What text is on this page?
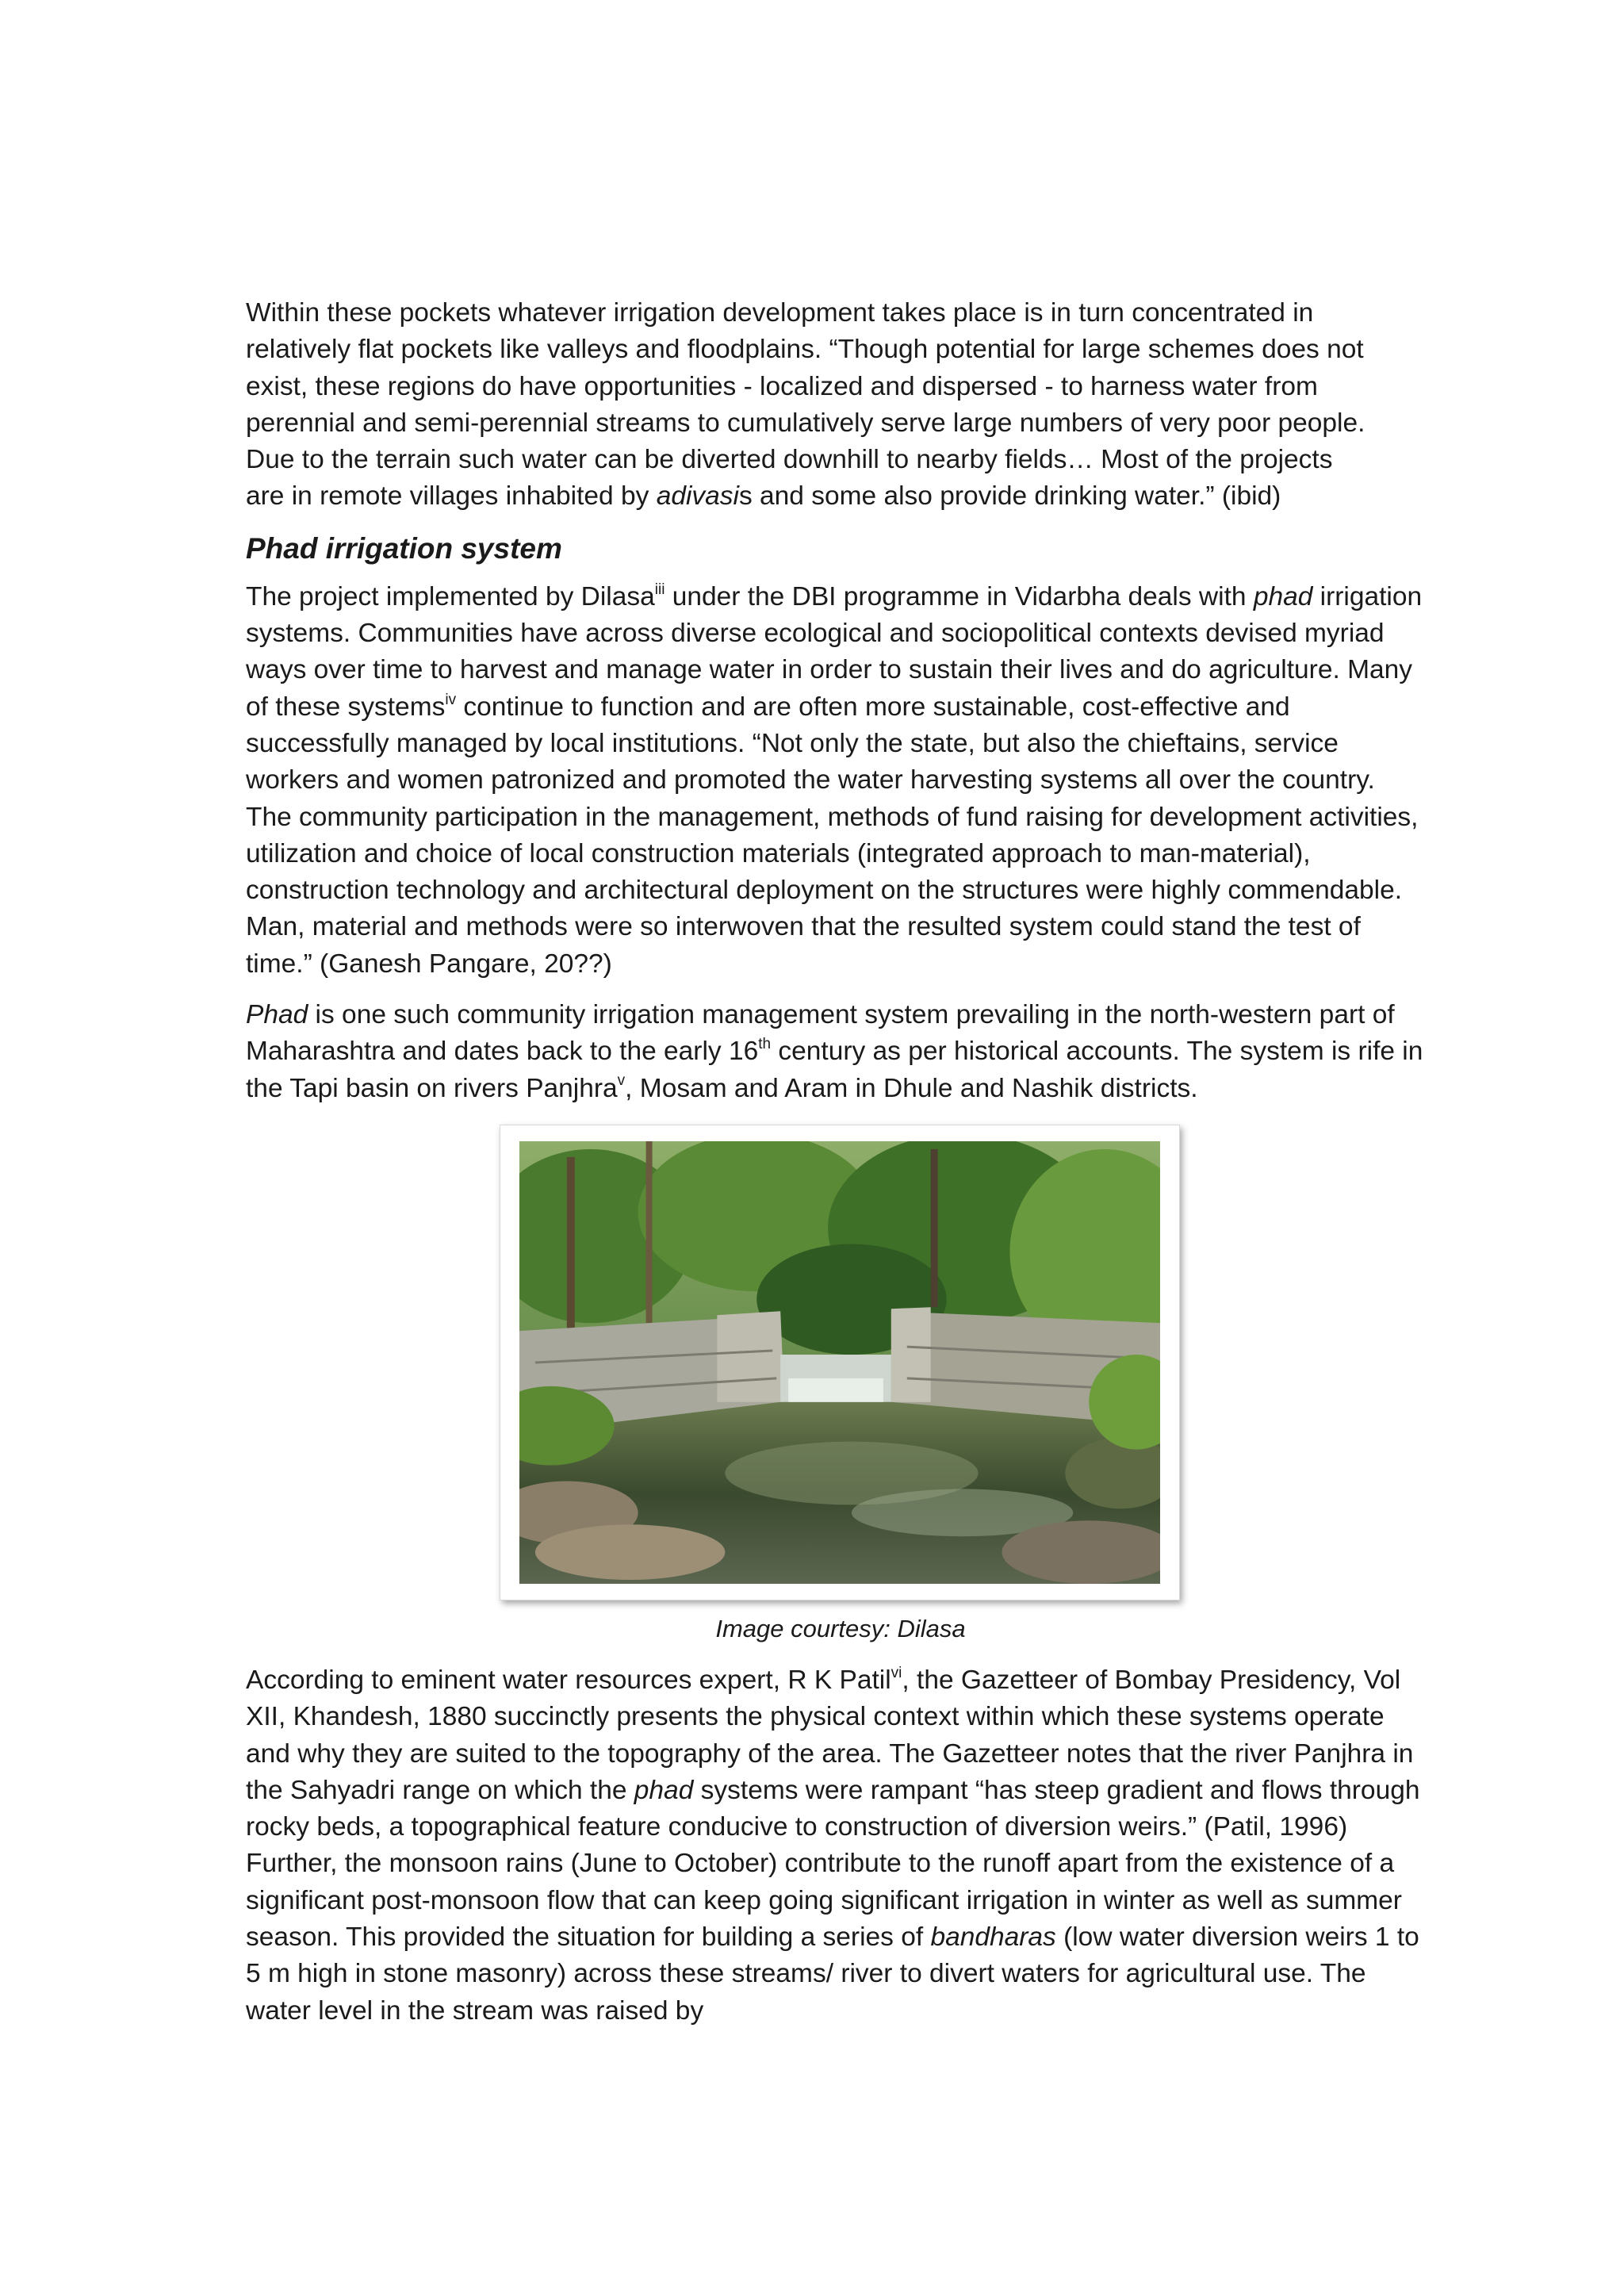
Within these pockets whatever irrigation development takes place is in turn concentrated in
relatively flat pockets like valleys and floodplains. “Though potential for large schemes does not
exist, these regions do have opportunities - localized and dispersed - to harness water from
perennial and semi-perennial streams to cumulatively serve large numbers of very poor people.
Due to the terrain such water can be diverted downhill to nearby fields… Most of the projects
are in remote villages inhabited by adivasis and some also provide drinking water.” (ibid)

Phad irrigation system

The project implemented by Dilasa$^{iii}$ under the DBI programme in Vidarbha deals with phad irrigation systems. Communities have across diverse ecological and sociopolitical contexts devised myriad ways over time to harvest and manage water in order to sustain their lives and do agriculture. Many of these systems$^{iv}$ continue to function and are often more sustainable, cost-effective and successfully managed by local institutions. “Not only the state, but also the chieftains, service workers and women patronized and promoted the water harvesting systems all over the country. The community participation in the management, methods of fund raising for development activities, utilization and choice of local construction materials (integrated approach to man-material), construction technology and architectural deployment on the structures were highly commendable. Man, material and methods were so interwoven that the resulted system could stand the test of time.” (Ganesh Pangare, 20??)

Phad is one such community irrigation management system prevailing in the north-western part of Maharashtra and dates back to the early 16th century as per historical accounts. The system is rife in the Tapi basin on rivers Panjhra$^v$, Mosam and Aram in Dhule and Nashik districts.

Image courtesy: Dilasa

According to eminent water resources expert, R K Patil$^{vi}$, the Gazetteer of Bombay Presidency, Vol XII, Khandesh, 1880 succinctly presents the physical context within which these systems operate and why they are suited to the topography of the area. The Gazetteer notes that the river Panjhra in the Sahyadri range on which the phad systems were rampant “has steep gradient and flows through rocky beds, a topographical feature conducive to construction of diversion weirs.” (Patil, 1996) Further, the monsoon rains (June to October) contribute to the runoff apart from the existence of a significant post-monsoon flow that can keep going significant irrigation in winter as well as summer season. This provided the situation for building a series of bandharas (low water diversion weirs 1 to 5 m high in stone masonry) across these streams/ river to divert waters for agricultural use. The water level in the stream was raised by
